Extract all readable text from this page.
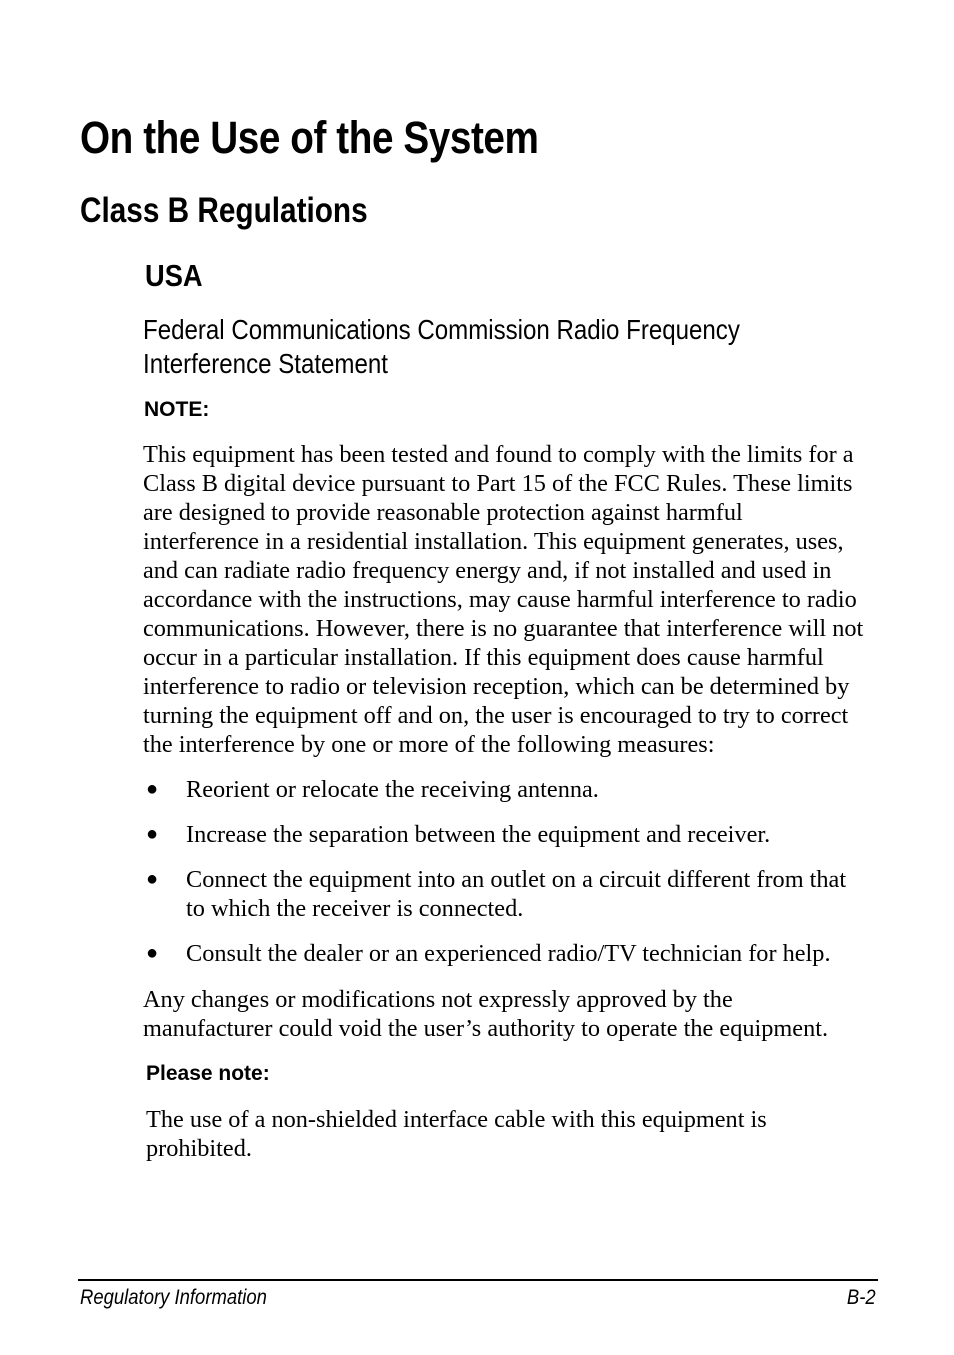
On the Use of the System
Class B Regulations
USA
Federal Communications Commission Radio Frequency
Interference Statement
NOTE:
This equipment has been tested and found to comply with the limits for a
Class B digital device pursuant to Part 15 of the FCC Rules. These limits
are designed to provide reasonable protection against harmful
interference in a residential installation. This equipment generates, uses,
and can radiate radio frequency energy and, if not installed and used in
accordance with the instructions, may cause harmful interference to radio
communications. However, there is no guarantee that interference will not
occur in a particular installation. If this equipment does cause harmful
interference to radio or television reception, which can be determined by
turning the equipment off and on, the user is encouraged to try to correct
the interference by one or more of the following measures:
● Reorient or relocate the receiving antenna.
● Increase the separation between the equipment and receiver.
● Connect the equipment into an outlet on a circuit different from that
to which the receiver is connected.
● Consult the dealer or an experienced radio/TV technician for help.
Any changes or modifications not expressly approved by the
manufacturer could void the user’s authority to operate the equipment.
Please note:
The use of a non-shielded interface cable with this equipment is
prohibited.
Regulatory Information	B-2
